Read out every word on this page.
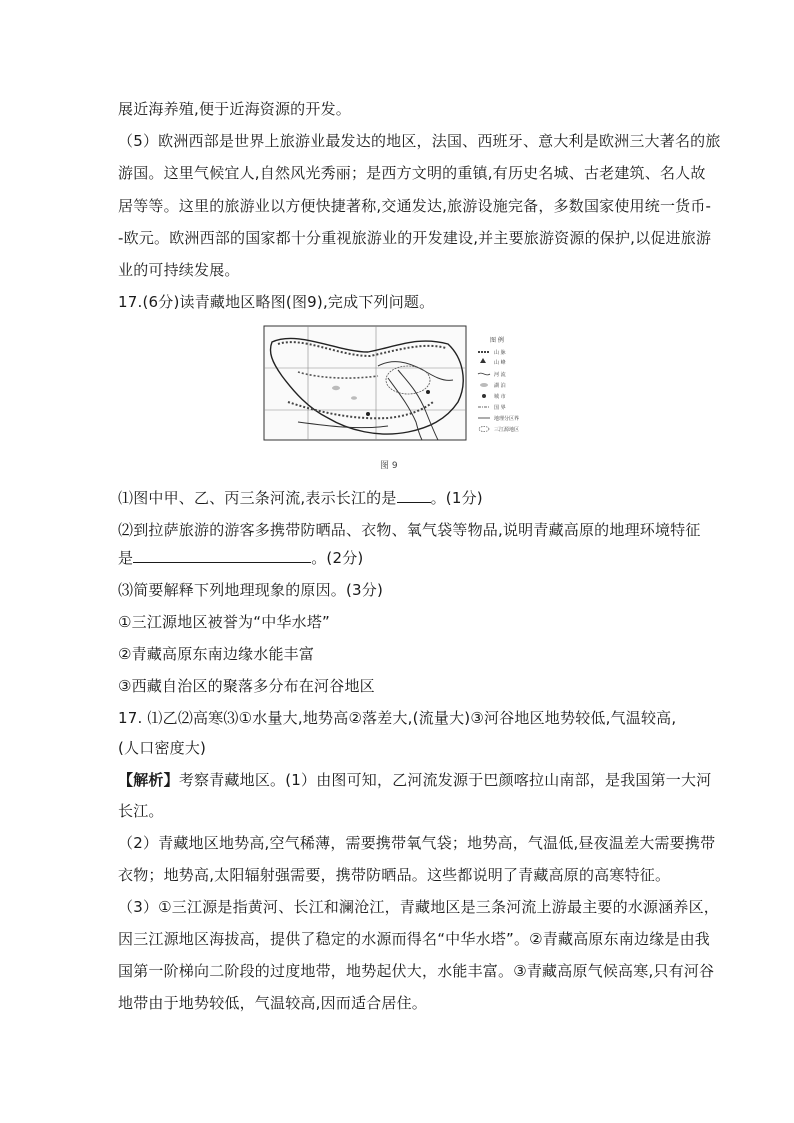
展近海养殖,便于近海资源的开发。
（5）欧洲西部是世界上旅游业最发达的地区，法国、西班牙、意大利是欧洲三大著名的旅
游国。这里气候宜人,自然风光秀丽；是西方文明的重镇,有历史名城、古老建筑、名人故
居等等。这里的旅游业以方便快捷著称,交通发达,旅游设施完备，多数国家使用统一货币-
-欧元。欧洲西部的国家都十分重视旅游业的开发建设,并主要旅游资源的保护,以促进旅游
业的可持续发展。
17.(6分)读青藏地区略图(图9),完成下列问题。
图 例
山 脉
山 峰
河 流
湖 泊
城 市
国 界
地理分区界
三江源地区
图 9
⑴图中甲、乙、丙三条河流,表示长江的是 。(1分)
⑵到拉萨旅游的游客多携带防晒品、衣物、氧气袋等物品,说明青藏高原的地理环境特征
是	。(2分)
⑶简要解释下列地理现象的原因。(3分)
①三江源地区被誉为“中华水塔”
②青藏高原东南边缘水能丰富
③西藏自治区的聚落多分布在河谷地区
17. ⑴乙⑵高寒⑶①水量大,地势高②落差大,(流量大)③河谷地区地势较低,气温较高,
(人口密度大)
【解析】考察青藏地区。(1）由图可知，乙河流发源于巴颜喀拉山南部，是我国第一大河
长江。
（2）青藏地区地势高,空气稀薄，需要携带氧气袋；地势高，气温低,昼夜温差大需要携带
衣物；地势高,太阳辐射强需要，携带防晒品。这些都说明了青藏高原的高寒特征。
（3）①三江源是指黄河、长江和澜沧江，青藏地区是三条河流上游最主要的水源涵养区，
因三江源地区海拔高，提供了稳定的水源而得名“中华水塔”。②青藏高原东南边缘是由我
国第一阶梯向二阶段的过度地带，地势起伏大，水能丰富。③青藏高原气候高寒,只有河谷
地带由于地势较低，气温较高,因而适合居住。
